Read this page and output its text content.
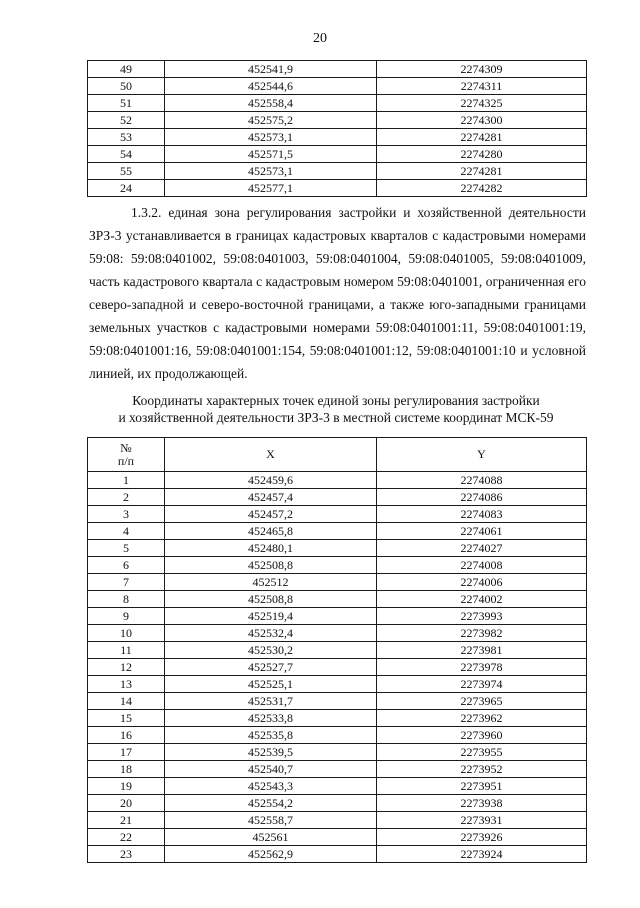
20
49	452541,9	2274309
50	452544,6	2274311
51	452558,4	2274325
52	452575,2	2274300
53	452573,1	2274281
54	452571,5	2274280
55	452573,1	2274281
24	452577,1	2274282
1.3.2. единая зона регулирования застройки и хозяйственной деятельности ЗРЗ-3 устанавливается в границах кадастровых кварталов с кадастровыми номерами 59:08: 59:08:0401002, 59:08:0401003, 59:08:0401004, 59:08:0401005, 59:08:0401009, часть кадастрового квартала с кадастровым номером 59:08:0401001, ограниченная его северо-западной и северо-восточной границами, а также юго-западными границами земельных участков с кадастровыми номерами 59:08:0401001:11, 59:08:0401001:19, 59:08:0401001:16, 59:08:0401001:154, 59:08:0401001:12, 59:08:0401001:10 и условной линией, их продолжающей.
Координаты характерных точек единой зоны регулирования застройки
и хозяйственной деятельности ЗРЗ-3 в местной системе координат МСК-59
№
п/п	X	Y
1	452459,6	2274088
2	452457,4	2274086
3	452457,2	2274083
4	452465,8	2274061
5	452480,1	2274027
6	452508,8	2274008
7	452512	2274006
8	452508,8	2274002
9	452519,4	2273993
10	452532,4	2273982
11	452530,2	2273981
12	452527,7	2273978
13	452525,1	2273974
14	452531,7	2273965
15	452533,8	2273962
16	452535,8	2273960
17	452539,5	2273955
18	452540,7	2273952
19	452543,3	2273951
20	452554,2	2273938
21	452558,7	2273931
22	452561	2273926
23	452562,9	2273924
